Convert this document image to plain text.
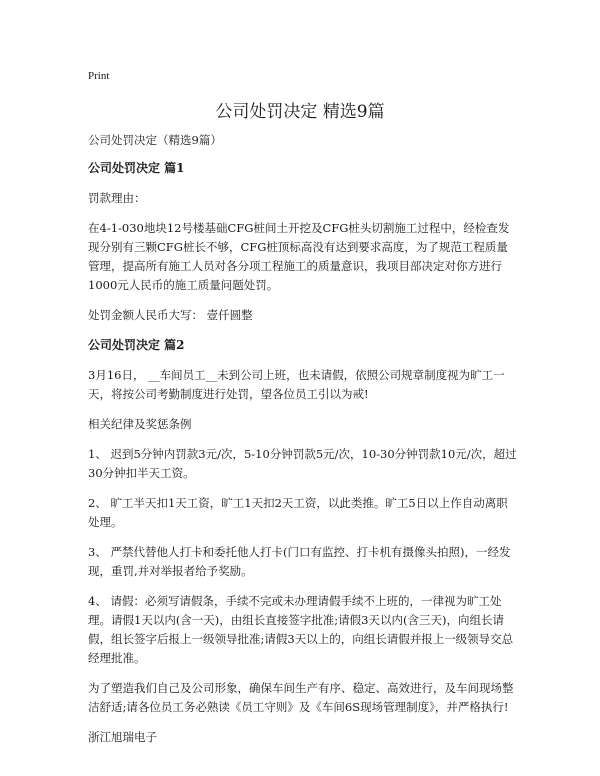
Print
公司处罚决定 精选9篇

公司处罚决定（精选9篇）

公司处罚决定 篇1

罚款理由：

在4-1-030地块12号楼基础CFG桩间土开挖及CFG桩头切割施工过程中，经检查发现分别有三颗CFG桩长不够，CFG桩顶标高没有达到要求高度，为了规范工程质量管理，提高所有施工人员对各分项工程施工的质量意识，我项目部决定对你方进行1000元人民币的施工质量问题处罚。

处罚金额人民币大写： 壹仟圆整

公司处罚决定 篇2

3月16日， __车间员工__未到公司上班，也未请假，依照公司规章制度视为旷工一天，将按公司考勤制度进行处罚，望各位员工引以为戒!

相关纪律及奖惩条例

1、 迟到5分钟内罚款3元/次，5-10分钟罚款5元/次，10-30分钟罚款10元/次，超过30分钟扣半天工资。

2、 旷工半天扣1天工资，旷工1天扣2天工资，以此类推。旷工5日以上作自动离职处理。

3、 严禁代替他人打卡和委托他人打卡(门口有监控、打卡机有摄像头拍照)，一经发现，重罚,并对举报者给予奖励。

4、 请假：必须写请假条，手续不完或未办理请假手续不上班的，一律视为旷工处理。请假1天以内(含一天)，由组长直接签字批准;请假3天以内(含三天)，向组长请假，组长签字后报上一级领导批准;请假3天以上的，向组长请假并报上一级领导交总经理批准。

为了塑造我们自己及公司形象，确保车间生产有序、稳定、高效进行，及车间现场整洁舒适;请各位员工务必熟读《员工守则》及《车间6S现场管理制度》，并严格执行!

浙江旭瑞电子
